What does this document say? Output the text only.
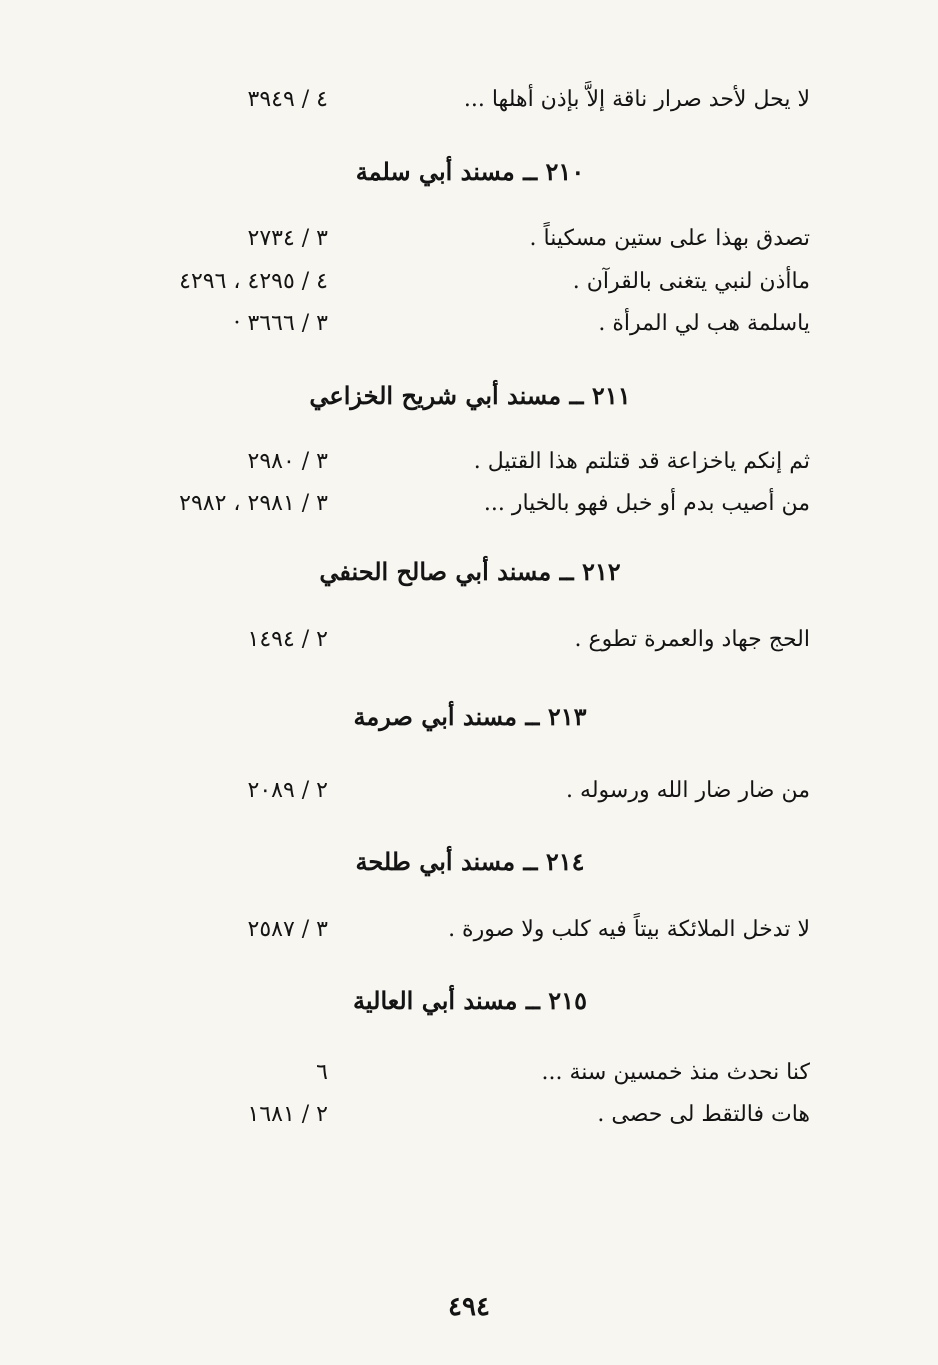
لا يحل لأحد صرار ناقة إلاَّ بإذن أهلها ...
٤ / ٣٩٤٩
٢١٠ ــ مسند أبي سلمة
تصدق بهذا على ستين مسكيناً .
٣ / ٢٧٣٤
ماأذن لنبي يتغنى بالقرآن .
٤ / ٤٢٩٥ ، ٤٢٩٦
ياسلمة هب لي المرأة .
٣ / ٣٦٦٦ ·
٢١١ ــ مسند أبي شريح الخزاعي
ثم إنكم ياخزاعة قد قتلتم هذا القتيل .
٣ / ٢٩٨٠
من أصيب بدم أو خبل فهو بالخيار ...
٣ / ٢٩٨١ ، ٢٩٨٢
٢١٢ ــ مسند أبي صالح الحنفي
الحج جهاد والعمرة تطوع .
٢ / ١٤٩٤
٢١٣ ــ مسند أبي صرمة
من ضار ضار الله ورسوله .
٢ / ٢٠٨٩
٢١٤ ــ مسند أبي طلحة
لا تدخل الملائكة بيتاً فيه كلب ولا صورة .
٣ / ٢٥٨٧
٢١٥ ــ مسند أبي العالية
كنا نحدث منذ خمسين سنة ...
٦
هات فالتقط لى حصى .
٢ / ١٦٨١
٤٩٤
